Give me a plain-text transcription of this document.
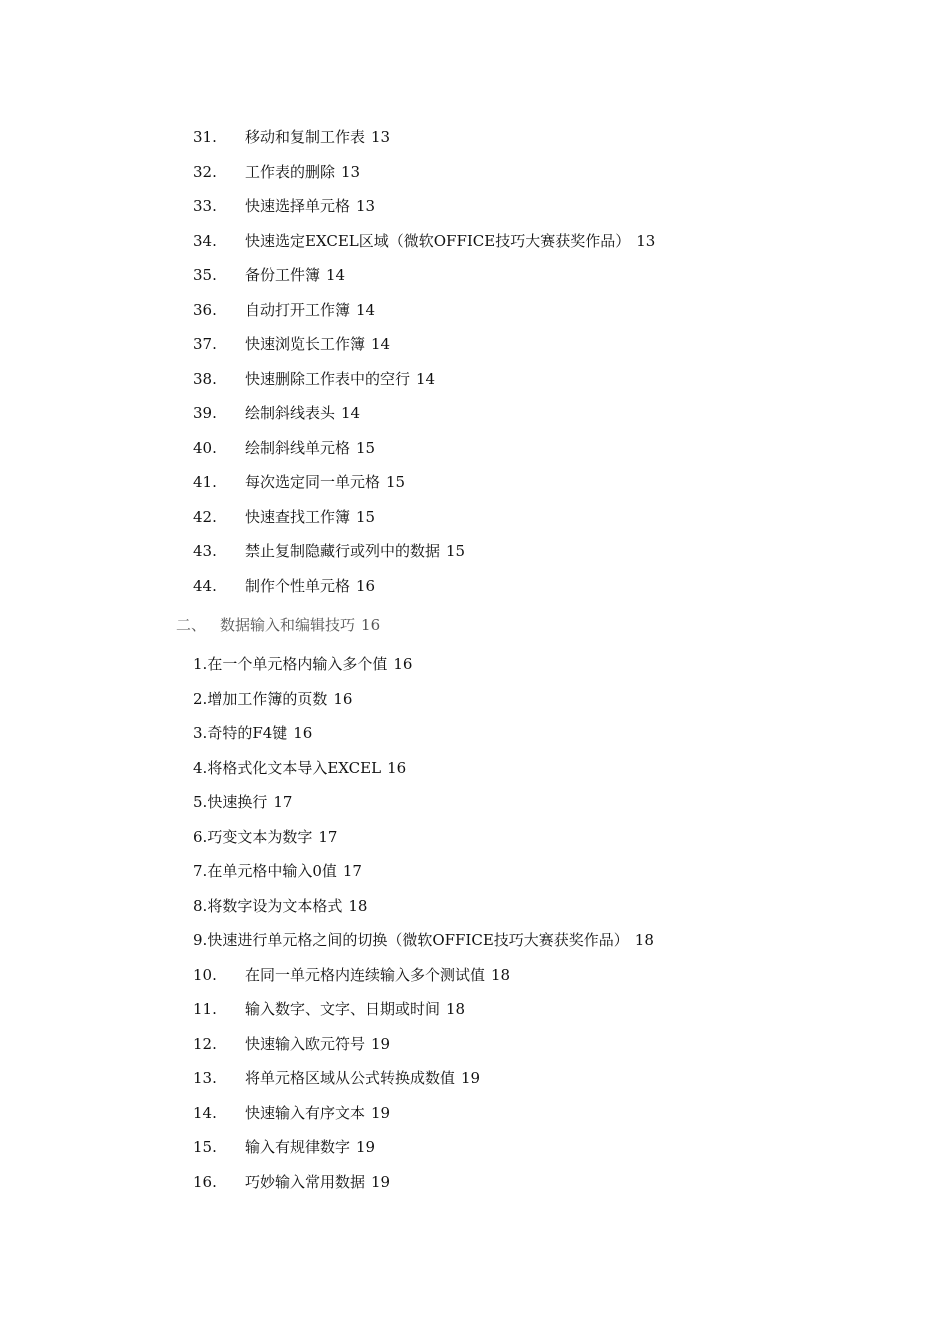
31. 移动和复制工作表 13
32. 工作表的删除 13
33. 快速选择单元格 13
34. 快速选定EXCEL区域（微软OFFICE技巧大赛获奖作品） 13
35. 备份工件簿 14
36. 自动打开工作簿 14
37. 快速浏览长工作簿 14
38. 快速删除工作表中的空行 14
39. 绘制斜线表头 14
40. 绘制斜线单元格 15
41. 每次选定同一单元格 15
42. 快速查找工作簿 15
43. 禁止复制隐藏行或列中的数据 15
44. 制作个性单元格 16
二、 数据输入和编辑技巧 16
1.在一个单元格内输入多个值 16
2.增加工作簿的页数 16
3.奇特的F4键 16
4.将格式化文本导入EXCEL 16
5.快速换行 17
6.巧变文本为数字 17
7.在单元格中输入0值 17
8.将数字设为文本格式 18
9.快速进行单元格之间的切换（微软OFFICE技巧大赛获奖作品） 18
10. 在同一单元格内连续输入多个测试值 18
11. 输入数字、文字、日期或时间 18
12. 快速输入欧元符号 19
13. 将单元格区域从公式转换成数值 19
14. 快速输入有序文本 19
15. 输入有规律数字 19
16. 巧妙输入常用数据 19
